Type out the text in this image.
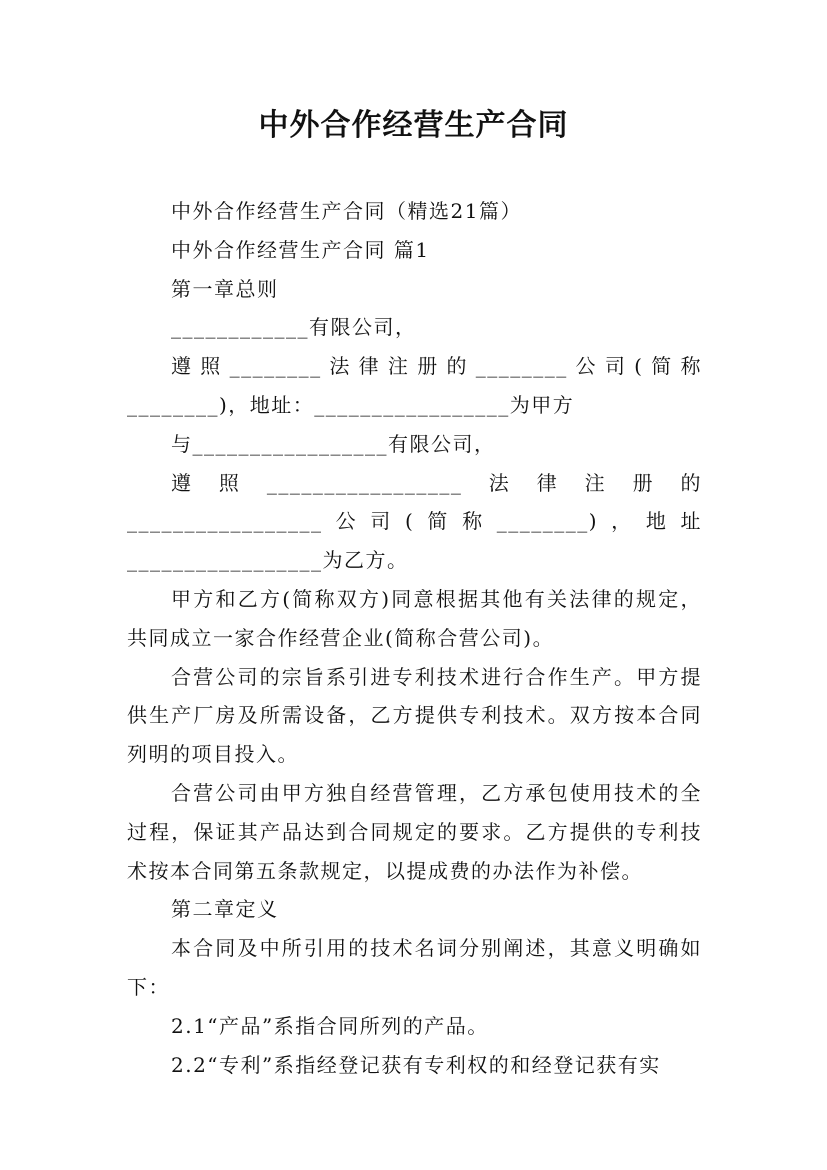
中外合作经营生产合同

中外合作经营生产合同（精选21篇）

中外合作经营生产合同 篇1

第一章总则

____________有限公司，

遵照________法律注册的________公司(简称________)，地址：_________________为甲方

与_________________有限公司，

遵照_________________法律注册的_________________公司(简称________)，地址_________________为乙方。

甲方和乙方(简称双方)同意根据其他有关法律的规定，共同成立一家合作经营企业(简称合营公司)。

合营公司的宗旨系引进专利技术进行合作生产。甲方提供生产厂房及所需设备，乙方提供专利技术。双方按本合同列明的项目投入。

合营公司由甲方独自经营管理，乙方承包使用技术的全过程，保证其产品达到合同规定的要求。乙方提供的专利技术按本合同第五条款规定，以提成费的办法作为补偿。

第二章定义

本合同及中所引用的技术名词分别阐述，其意义明确如下：

2.1“产品”系指合同所列的产品。

2.2“专利”系指经登记获有专利权的和经登记获有实
